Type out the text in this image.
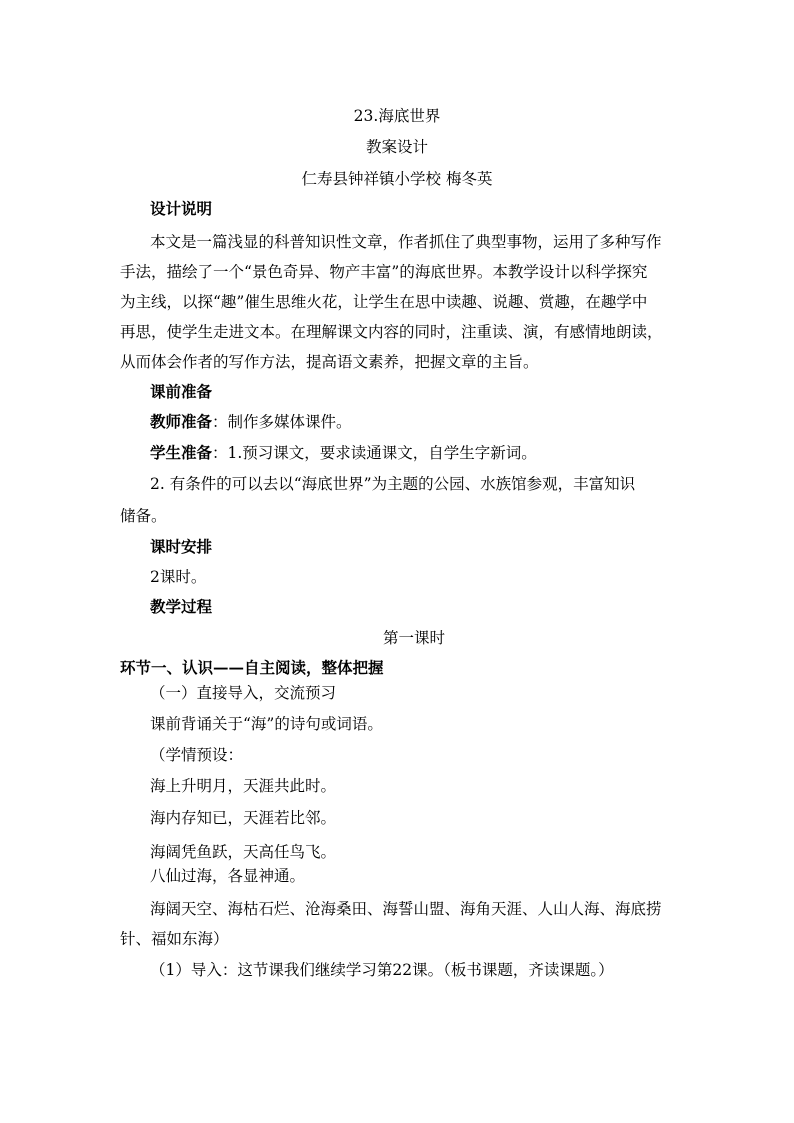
23.海底世界

教案设计

仁寿县钟祥镇小学校 梅冬英

设计说明

本文是一篇浅显的科普知识性文章，作者抓住了典型事物，运用了多种写作

手法，描绘了一个“景色奇异、物产丰富”的海底世界。本教学设计以科学探究

为主线，以探“趣”催生思维火花，让学生在思中读趣、说趣、赏趣，在趣学中

再思，使学生走进文本。在理解课文内容的同时，注重读、演，有感情地朗读，

从而体会作者的写作方法，提高语文素养，把握文章的主旨。

课前准备

教师准备：制作多媒体课件。

学生准备：1.预习课文，要求读通课文，自学生字新词。

2. 有条件的可以去以“海底世界”为主题的公园、水族馆参观，丰富知识

储备。

课时安排

2课时。

教学过程

第一课时

环节一、认识——自主阅读，整体把握

（一）直接导入，交流预习

课前背诵关于“海”的诗句或词语。

（学情预设：

海上升明月，天涯共此时。

海内存知已，天涯若比邻。

海阔凭鱼跃，天高任鸟飞。

八仙过海，各显神通。

海阔天空、海枯石烂、沧海桑田、海誓山盟、海角天涯、人山人海、海底捞

针、福如东海）

（1）导入：这节课我们继续学习第22课。（板书课题，齐读课题。）
